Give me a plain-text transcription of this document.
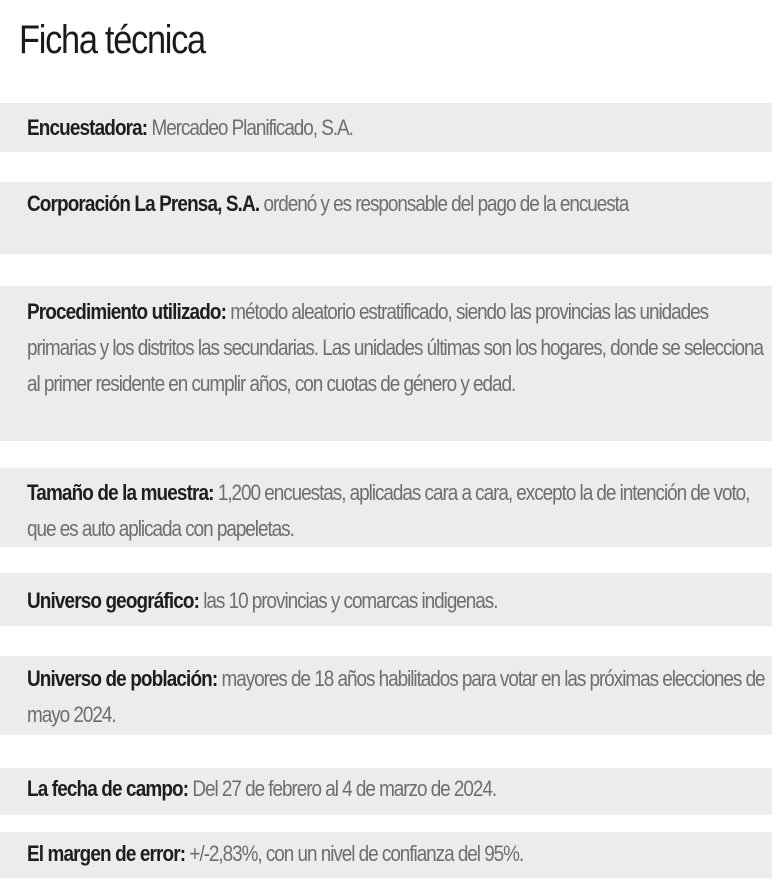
Ficha técnica
Encuestadora: Mercadeo Planificado, S.A.
Corporación La Prensa, S.A. ordenó y es responsable del pago de la encuesta
Procedimiento utilizado: método aleatorio estratificado, siendo las provincias las unidades primarias y los distritos las secundarias. Las unidades últimas son los hogares, donde se selecciona al primer residente en cumplir años, con cuotas de género y edad.
Tamaño de la muestra: 1,200 encuestas, aplicadas cara a cara, excepto la de intención de voto, que es auto aplicada con papeletas.
Universo geográfico: las 10 provincias y comarcas indigenas.
Universo de población: mayores de 18 años habilitados para votar en las próximas elecciones de mayo 2024.
La fecha de campo: Del 27 de febrero al 4 de marzo de 2024.
El margen de error: +/-2,83%, con un nivel de confianza del 95%.
